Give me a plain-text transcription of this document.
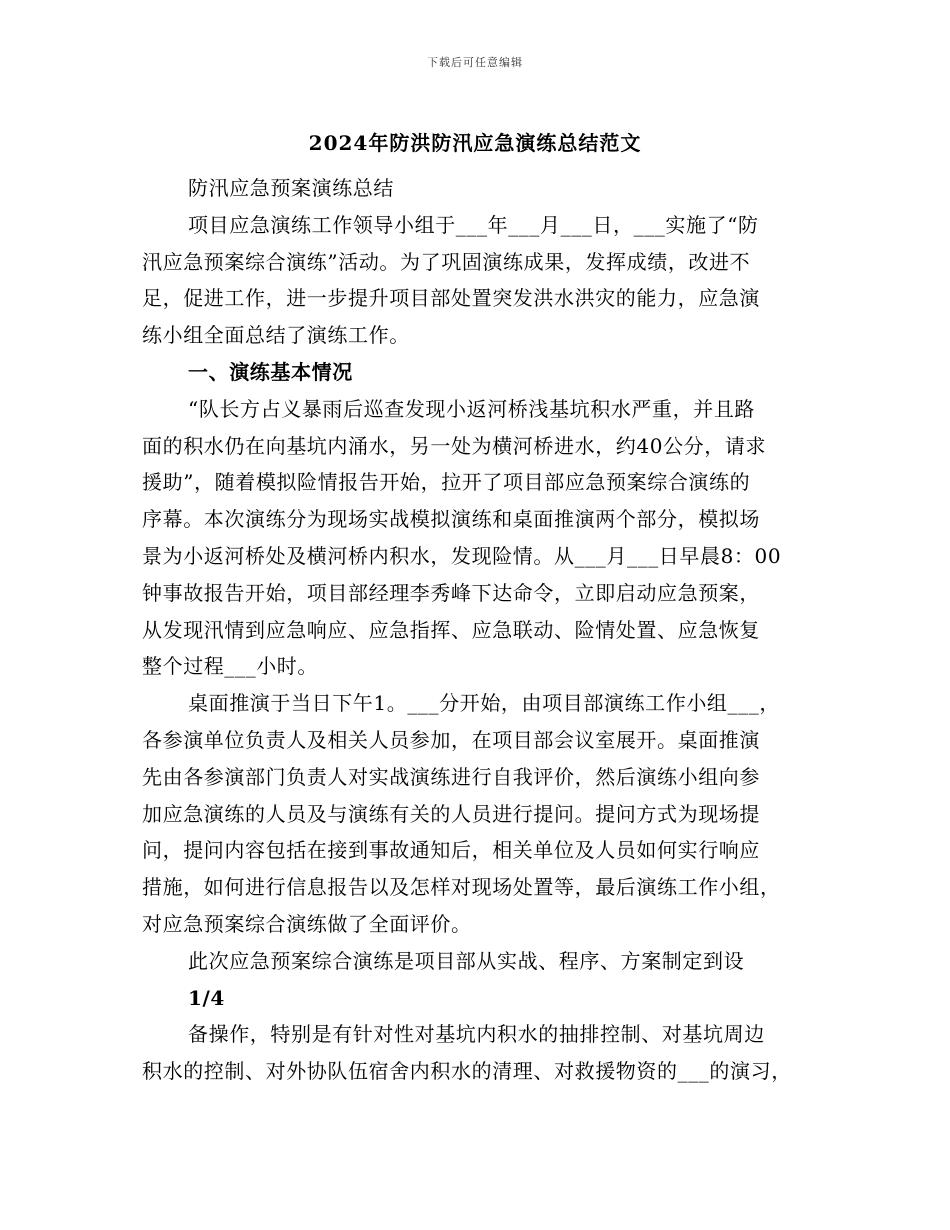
下载后可任意编辑
2024年防洪防汛应急演练总结范文
防汛应急预案演练总结
项目应急演练工作领导小组于___年___月___日，___实施了“防
汛应急预案综合演练”活动。为了巩固演练成果，发挥成绩，改进不
足，促进工作，进一步提升项目部处置突发洪水洪灾的能力，应急演
练小组全面总结了演练工作。
一、演练基本情况
“队长方占义暴雨后巡查发现小返河桥浅基坑积水严重，并且路
面的积水仍在向基坑内涌水，另一处为横河桥进水，约40公分，请求
援助”，随着模拟险情报告开始，拉开了项目部应急预案综合演练的
序幕。本次演练分为现场实战模拟演练和桌面推演两个部分，模拟场
景为小返河桥处及横河桥内积水，发现险情。从___月___日早晨8：00
钟事故报告开始，项目部经理李秀峰下达命令，立即启动应急预案，
从发现汛情到应急响应、应急指挥、应急联动、险情处置、应急恢复
整个过程___小时。
桌面推演于当日下午1。___分开始，由项目部演练工作小组___，
各参演单位负责人及相关人员参加，在项目部会议室展开。桌面推演
先由各参演部门负责人对实战演练进行自我评价，然后演练小组向参
加应急演练的人员及与演练有关的人员进行提问。提问方式为现场提
问，提问内容包括在接到事故通知后，相关单位及人员如何实行响应
措施，如何进行信息报告以及怎样对现场处置等，最后演练工作小组，
对应急预案综合演练做了全面评价。
此次应急预案综合演练是项目部从实战、程序、方案制定到设
1/4
备操作，特别是有针对性对基坑内积水的抽排控制、对基坑周边
积水的控制、对外协队伍宿舍内积水的清理、对救援物资的___的演习，
